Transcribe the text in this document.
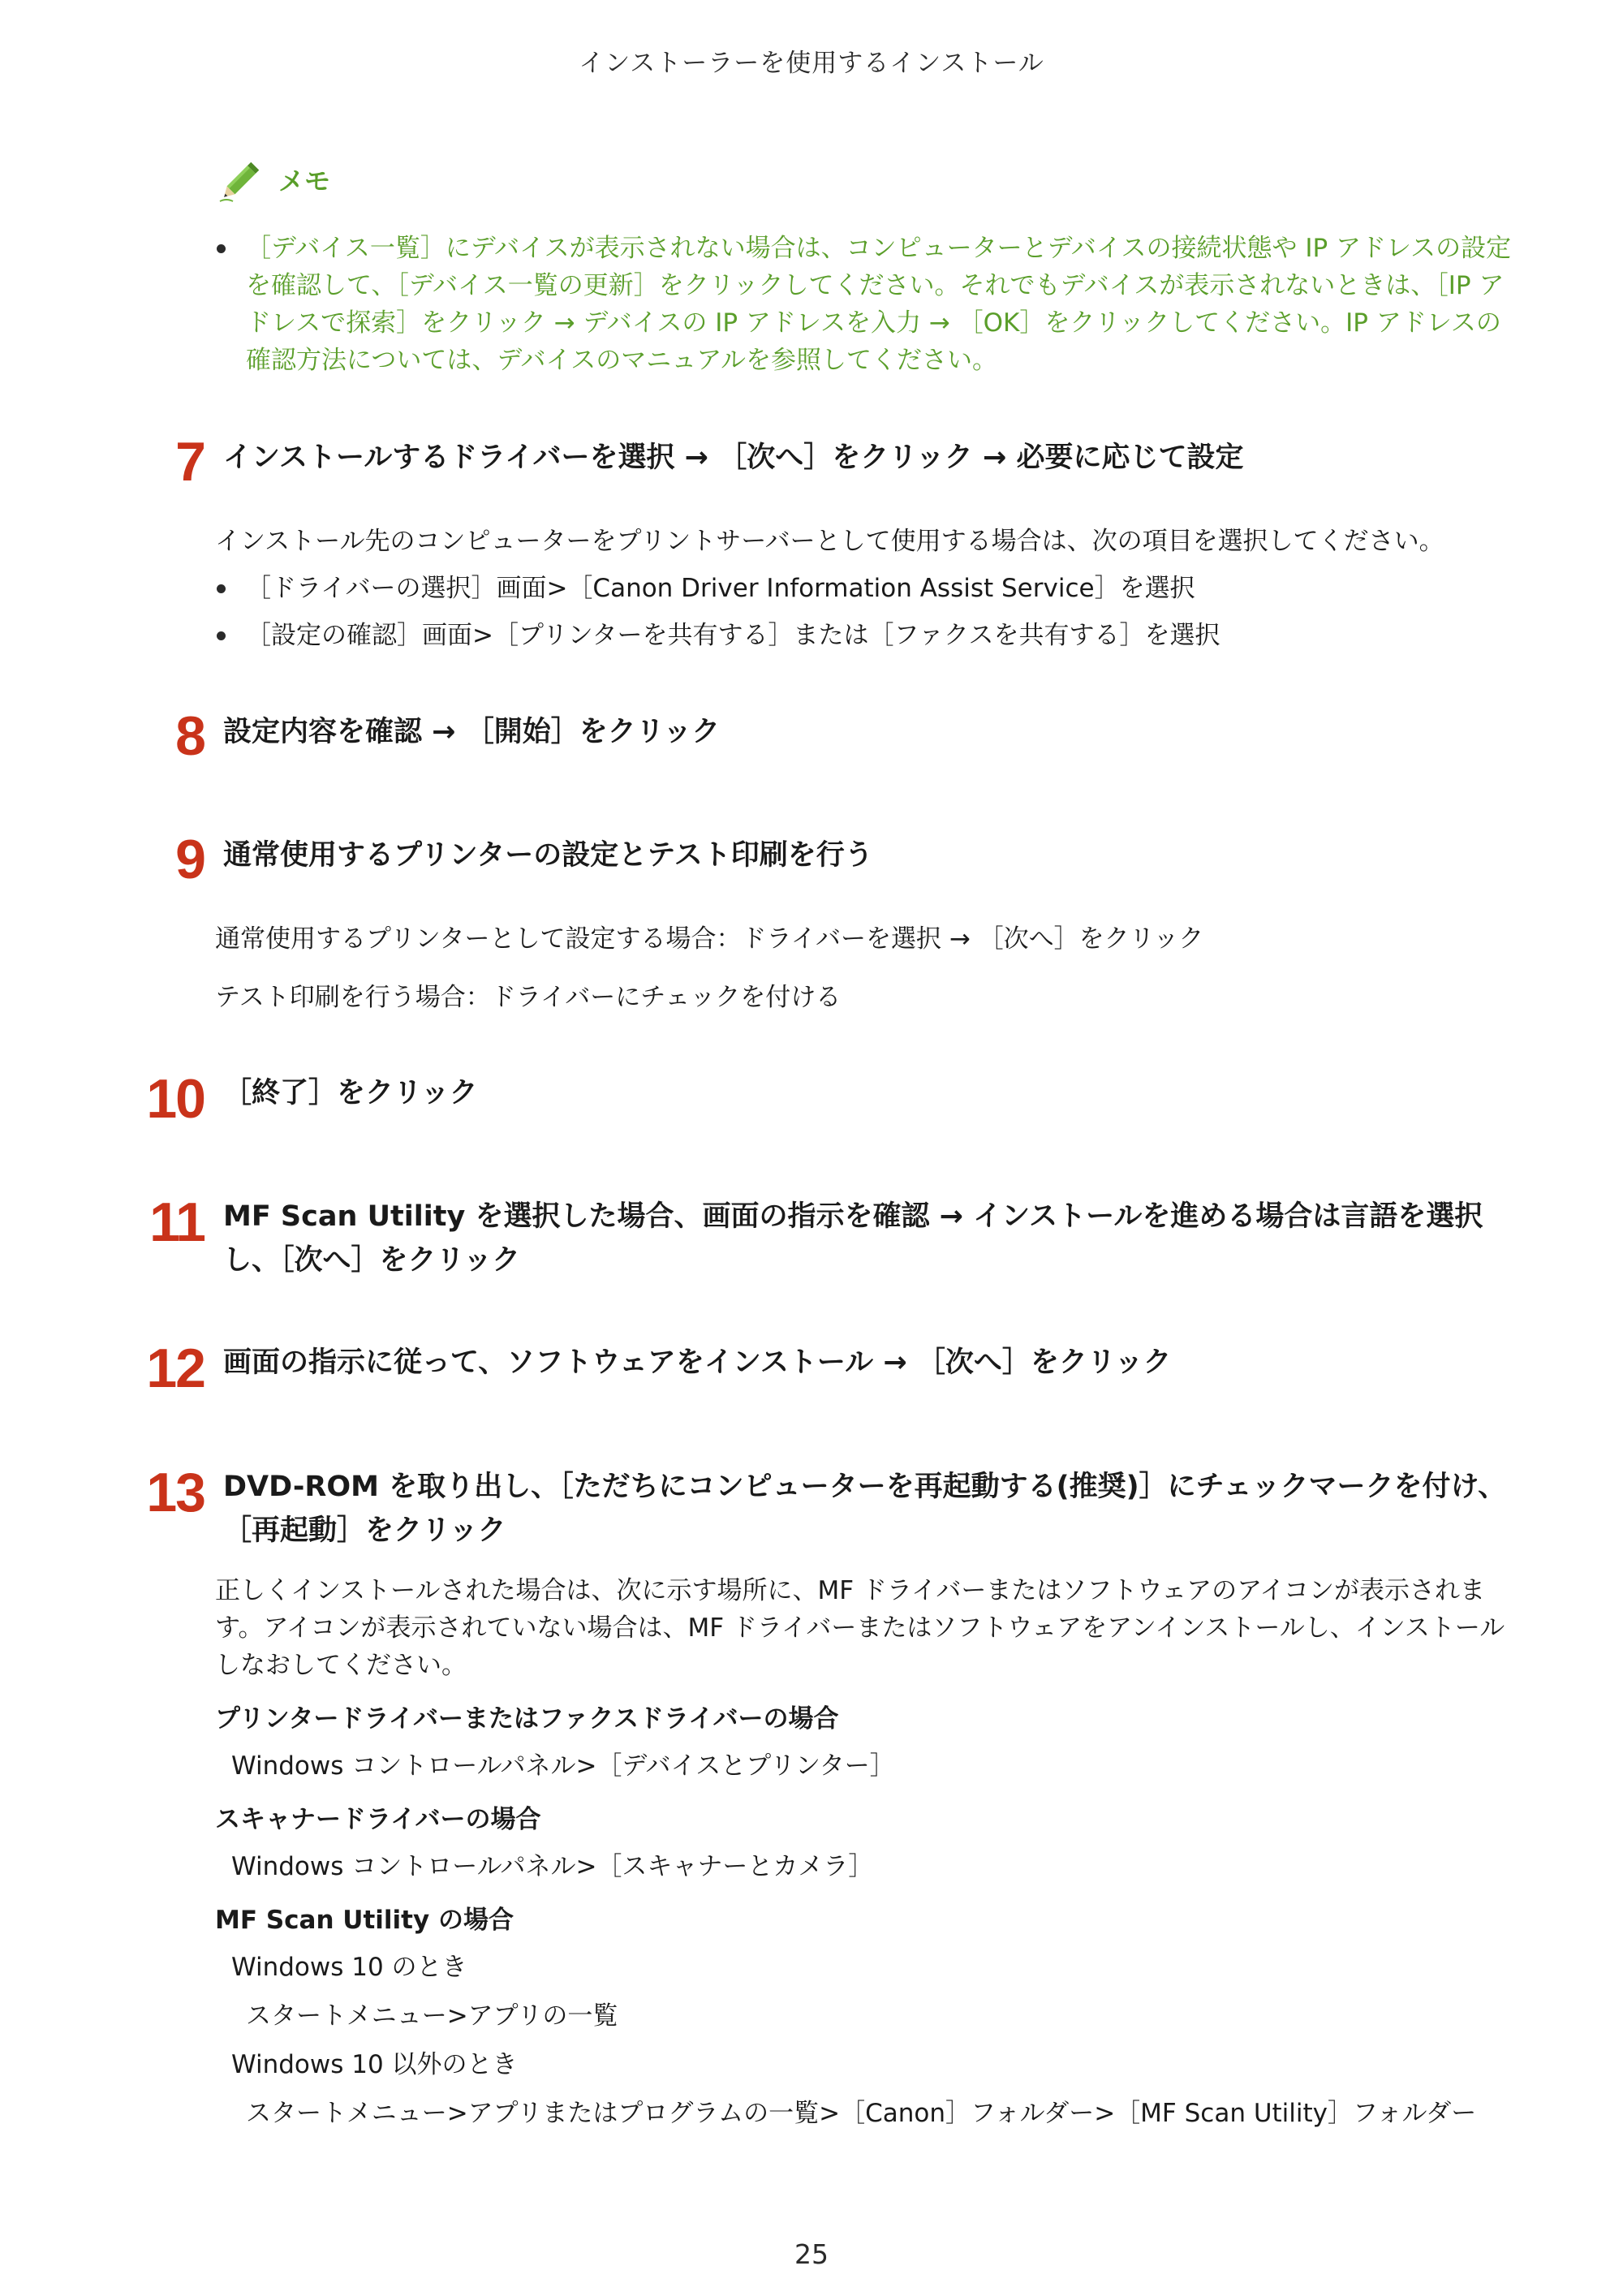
インストーラーを使用するインストール
メモ
［デバイス一覧］にデバイスが表示されない場合は、コンピューターとデバイスの接続状態や IP アドレスの設定を確認して、［デバイス一覧の更新］をクリックしてください。それでもデバイスが表示されないときは、［IP アドレスで探索］をクリック → デバイスの IP アドレスを入力 → ［OK］をクリックしてください。IP アドレスの確認方法については、デバイスのマニュアルを参照してください。
7 インストールするドライバーを選択 → ［次へ］をクリック → 必要に応じて設定
インストール先のコンピューターをプリントサーバーとして使用する場合は、次の項目を選択してください。
［ドライバーの選択］画面>［Canon Driver Information Assist Service］を選択
［設定の確認］画面>［プリンターを共有する］または［ファクスを共有する］を選択
8 設定内容を確認 → ［開始］をクリック
9 通常使用するプリンターの設定とテスト印刷を行う
通常使用するプリンターとして設定する場合：ドライバーを選択 → ［次へ］をクリック
テスト印刷を行う場合：ドライバーにチェックを付ける
10 ［終了］をクリック
11 MF Scan Utility を選択した場合、画面の指示を確認 → インストールを進める場合は言語を選択
し、［次へ］をクリック
12 画面の指示に従って、ソフトウェアをインストール → ［次へ］をクリック
13 DVD-ROM を取り出し、［ただちにコンピューターを再起動する(推奨)］にチェックマークを付け、
［再起動］をクリック
正しくインストールされた場合は、次に示す場所に、MF ドライバーまたはソフトウェアのアイコンが表示されます。アイコンが表示されていない場合は、MF ドライバーまたはソフトウェアをアンインストールし、インストールしなおしてください。
プリンタードライバーまたはファクスドライバーの場合
Windows コントロールパネル>［デバイスとプリンター］
スキャナードライバーの場合
Windows コントロールパネル>［スキャナーとカメラ］
MF Scan Utility の場合
Windows 10 のとき
スタートメニュー>アプリの一覧
Windows 10 以外のとき
スタートメニュー>アプリまたはプログラムの一覧>［Canon］フォルダー>［MF Scan Utility］フォルダー
25
